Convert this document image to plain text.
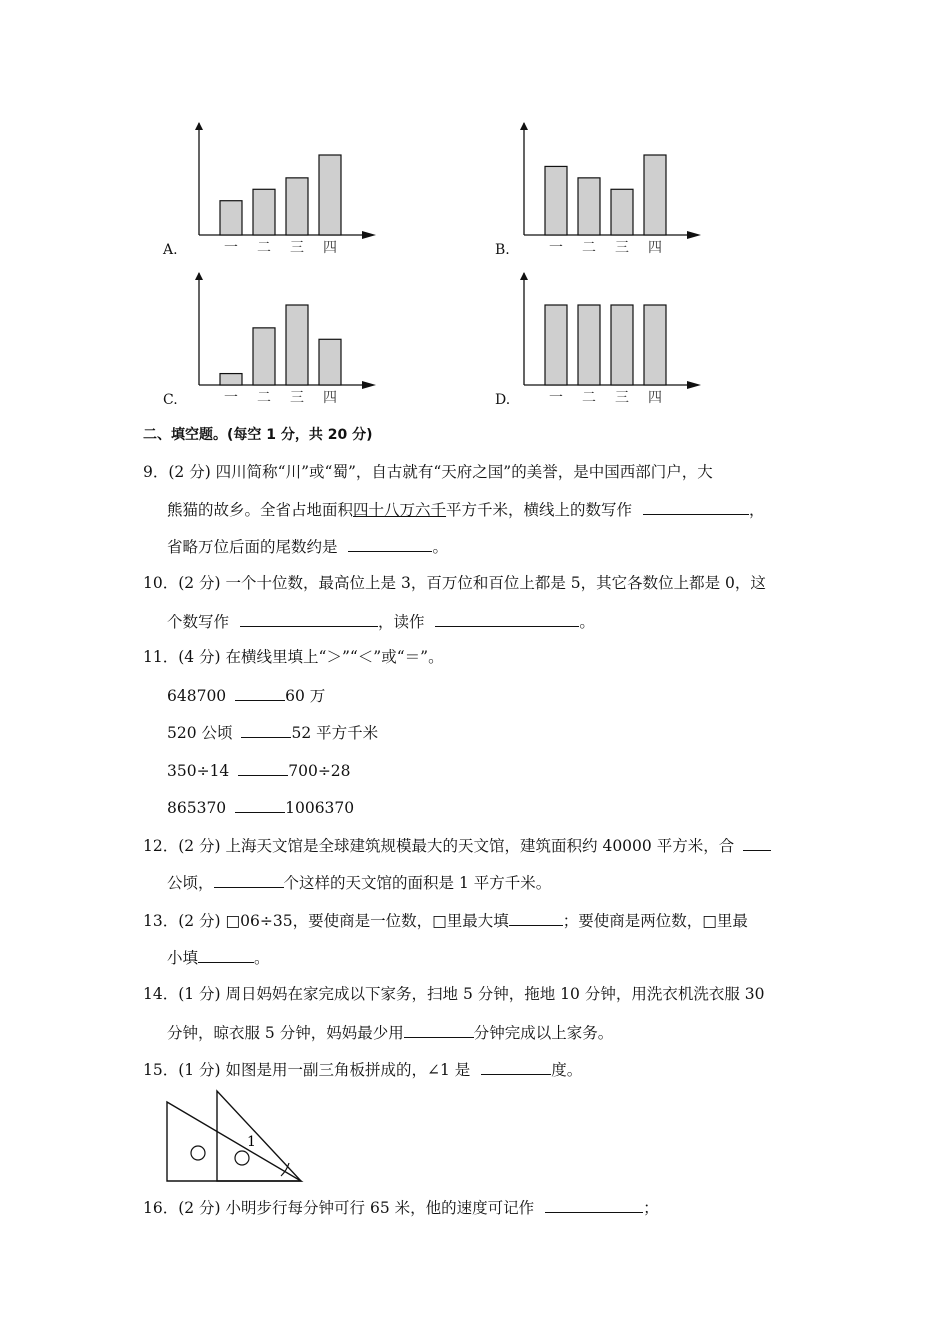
一 二 三 四
A.	一 二 三 四
B.
一 二 三 四
C.	一 二 三 四
D.
二、填空题。(每空 1 分，共 20 分)
9．(2 分) 四川简称“川”或“蜀”，自古就有“天府之国”的美誉，是中国西部门户，大
熊猫的故乡。全省占地面积四十八万六千平方千米，横线上的数写作	，
省略万位后面的尾数约是	。
10．(2 分) 一个十位数，最高位上是 3，百万位和百位上都是 5，其它各数位上都是 0，这
个数写作	，读作	。
11．(4 分) 在横线里填上“＞”“＜”或“＝”。
648700	60 万
520 公顷	52 平方千米
350÷14	700÷28
865370	1006370
12．(2 分) 上海天文馆是全球建筑规模最大的天文馆，建筑面积约 40000 平方米，合
公顷，	个这样的天文馆的面积是 1 平方千米。
13．(2 分) □06÷35，要使商是一位数，□里最大填	；要使商是两位数，□里最
小填	。
14．(1 分) 周日妈妈在家完成以下家务，扫地 5 分钟，拖地 10 分钟，用洗衣机洗衣服 30
分钟，晾衣服 5 分钟，妈妈最少用	分钟完成以上家务。
15．(1 分) 如图是用一副三角板拼成的，∠1 是	度。
1
16．(2 分) 小明步行每分钟可行 65 米，他的速度可记作	；
